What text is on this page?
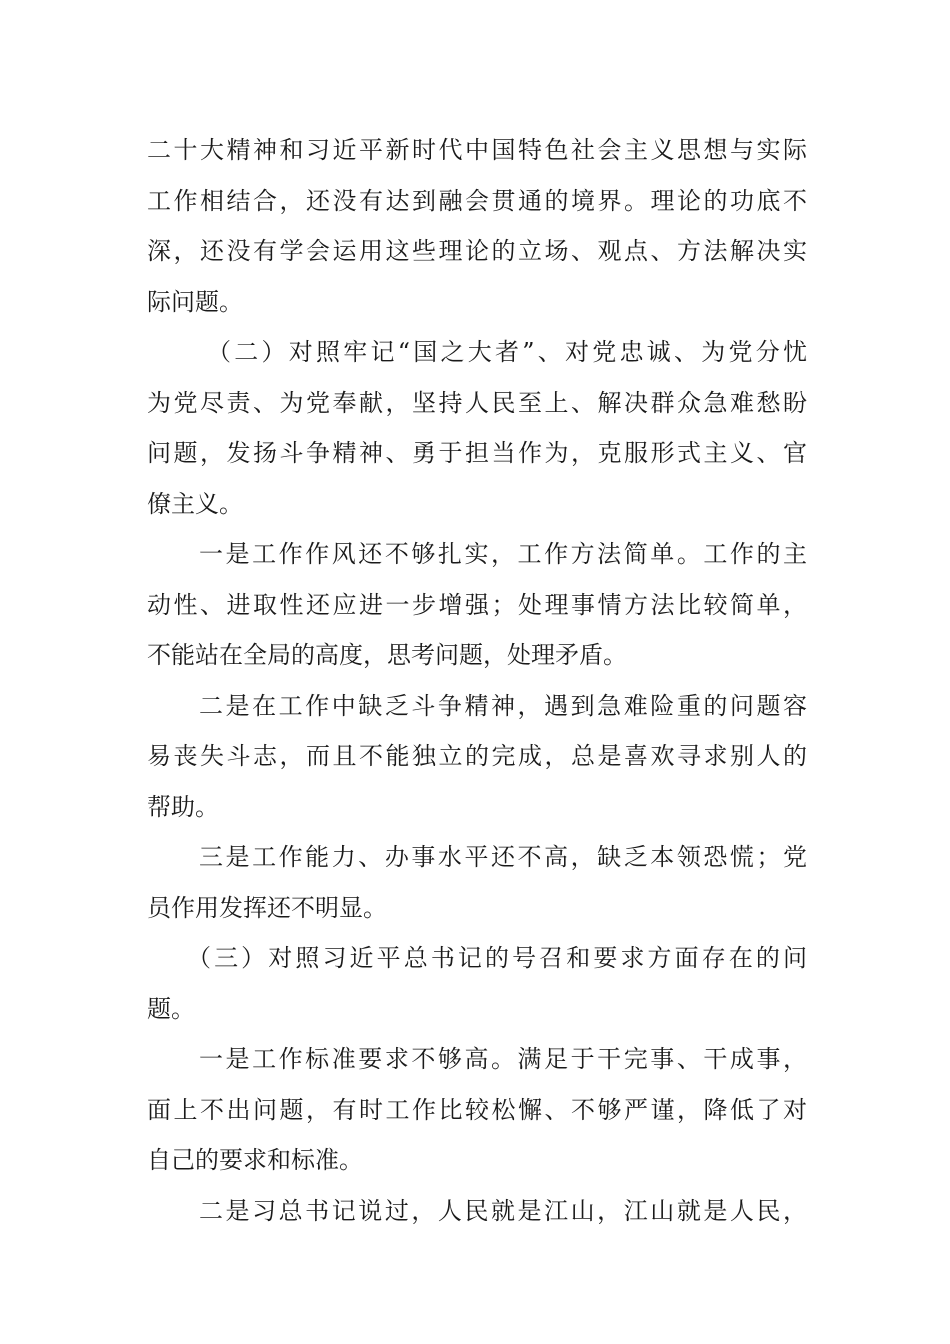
二十大精神和习近平新时代中国特色社会主义思想与实际
工作相结合，还没有达到融会贯通的境界。理论的功底不
深，还没有学会运用这些理论的立场、观点、方法解决实
际问题。
（二）对照牢记“国之大者”、对党忠诚、为党分忧
为党尽责、为党奉献，坚持人民至上、解决群众急难愁盼
问题，发扬斗争精神、勇于担当作为，克服形式主义、官
僚主义。
一是工作作风还不够扎实，工作方法简单。工作的主
动性、进取性还应进一步增强；处理事情方法比较简单，
不能站在全局的高度，思考问题，处理矛盾。
二是在工作中缺乏斗争精神，遇到急难险重的问题容
易丧失斗志，而且不能独立的完成，总是喜欢寻求别人的
帮助。
三是工作能力、办事水平还不高，缺乏本领恐慌；党
员作用发挥还不明显。
（三）对照习近平总书记的号召和要求方面存在的问
题。
一是工作标准要求不够高。满足于干完事、干成事，
面上不出问题，有时工作比较松懈、不够严谨，降低了对
自己的要求和标准。
二是习总书记说过，人民就是江山，江山就是人民，
